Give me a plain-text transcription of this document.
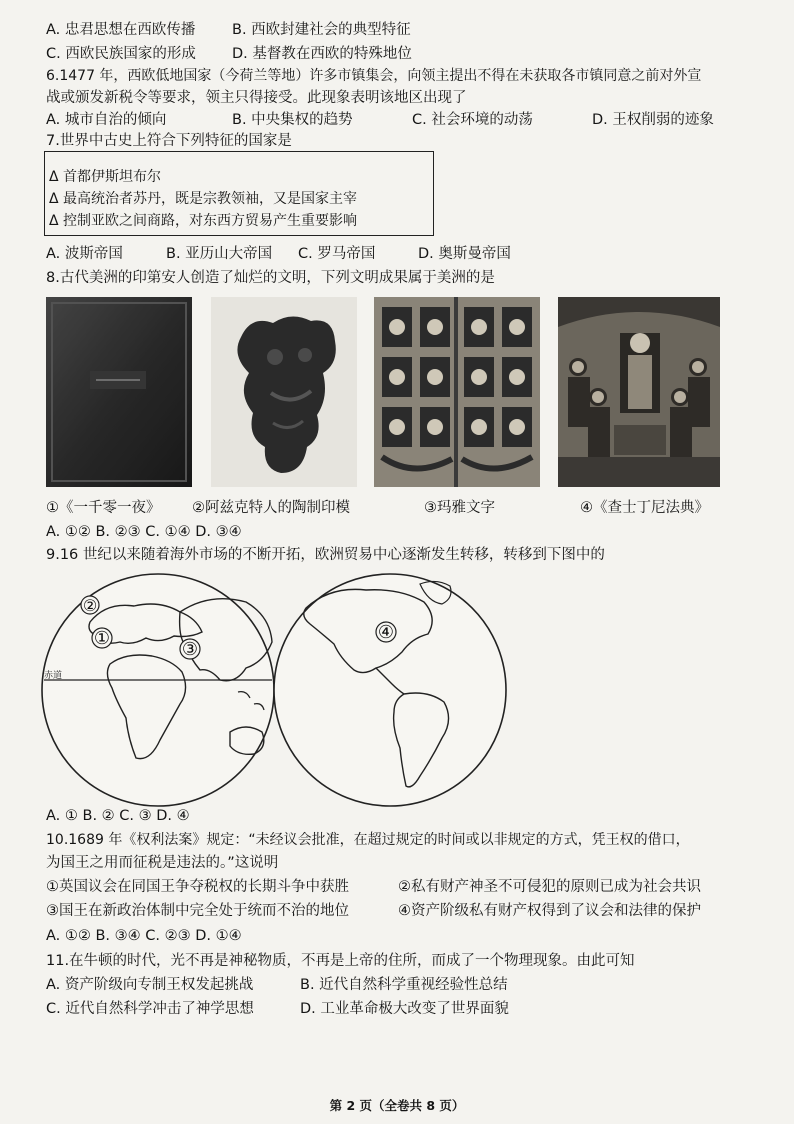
A. 忠君思想在西欧传播	B. 西欧封建社会的典型特征
C. 西欧民族国家的形成 D. 基督教在西欧的特殊地位
6.1477 年，西欧低地国家（今荷兰等地）许多市镇集会，向领主提出不得在未获取各市镇同意之前对外宣
战或颁发新税令等要求，领主只得接受。此现象表明该地区出现了
A. 城市自治的倾向	B. 中央集权的趋势	C. 社会环境的动荡	D. 王权削弱的迹象
7.世界中古史上符合下列特征的国家是
Δ 首都伊斯坦布尔
Δ 最高统治者苏丹，既是宗教领袖，又是国家主宰
Δ 控制亚欧之间商路，对东西方贸易产生重要影响
A. 波斯帝国	B. 亚历山大帝国 C. 罗马帝国	D. 奥斯曼帝国
8.古代美洲的印第安人创造了灿烂的文明，下列文明成果属于美洲的是
①《一千零一夜》 ②阿兹克特人的陶制印模	③玛雅文字	④《查士丁尼法典》
A. ①② B. ②③ C. ①④ D. ③④
9.16 世纪以来随着海外市场的不断开拓，欧洲贸易中心逐渐发生转移，转移到下图中的
赤道
②
①
③
④
A. ① B. ② C. ③ D. ④
10.1689 年《权利法案》规定：“未经议会批准，在超过规定的时间或以非规定的方式，凭王权的借口，
为国王之用而征税是违法的。”这说明
①英国议会在同国王争夺税权的长期斗争中获胜	②私有财产神圣不可侵犯的原则已成为社会共识
③国王在新政治体制中完全处于统而不治的地位	④资产阶级私有财产权得到了议会和法律的保护
A. ①② B. ③④ C. ②③ D. ①④
11.在牛顿的时代，光不再是神秘物质，不再是上帝的住所，而成了一个物理现象。由此可知
A. 资产阶级向专制王权发起挑战	B. 近代自然科学重视经验性总结
C. 近代自然科学冲击了神学思想	D. 工业革命极大改变了世界面貌
第 2 页（全卷共 8 页）
